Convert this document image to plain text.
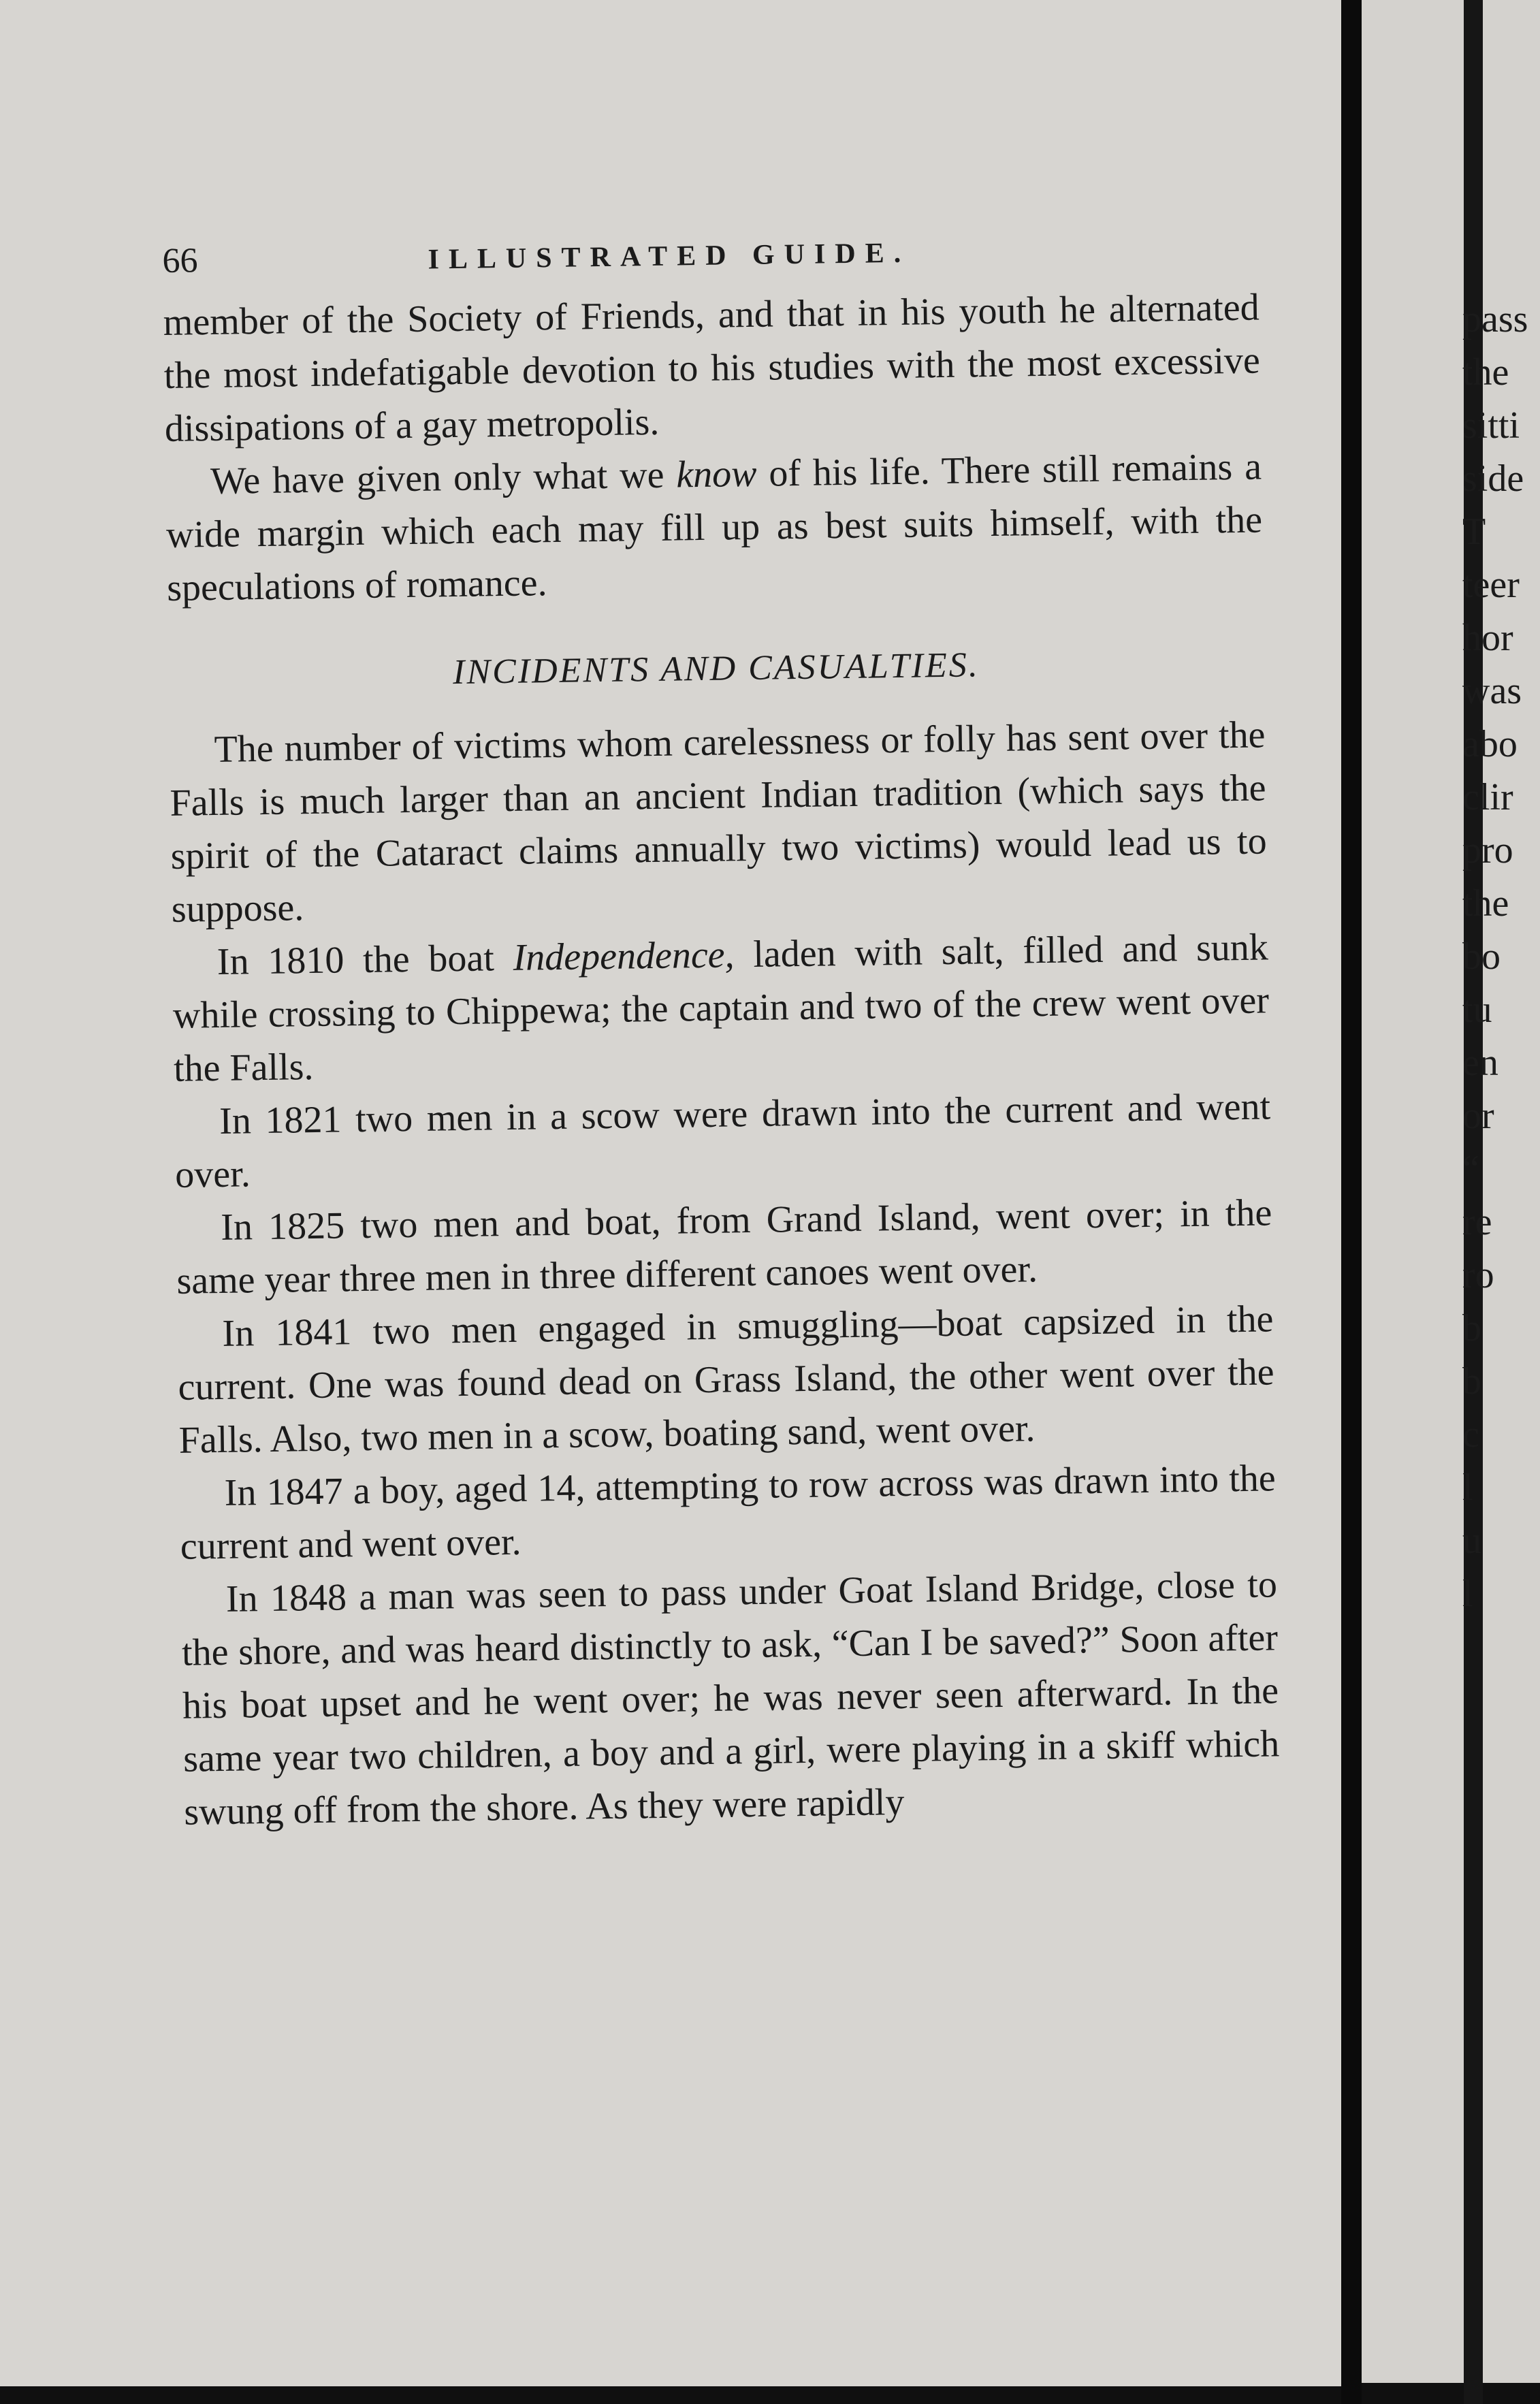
66	ILLUSTRATED GUIDE.

member of the Society of Friends, and that in his youth he alternated the most indefatigable devotion to his studies with the most excessive dissipations of a gay metropolis.

We have given only what we know of his life. There still remains a wide margin which each may fill up as best suits himself, with the speculations of romance.

INCIDENTS AND CASUALTIES.

The number of victims whom carelessness or folly has sent over the Falls is much larger than an ancient Indian tradition (which says the spirit of the Cataract claims annually two victims) would lead us to suppose.

In 1810 the boat Independence, laden with salt, filled and sunk while crossing to Chippewa; the captain and two of the crew went over the Falls.

In 1821 two men in a scow were drawn into the current and went over.

In 1825 two men and boat, from Grand Island, went over; in the same year three men in three different canoes went over.

In 1841 two men engaged in smuggling—boat capsized in the current. One was found dead on Grass Island, the other went over the Falls. Also, two men in a scow, boating sand, went over.

In 1847 a boy, aged 14, attempting to row across was drawn into the current and went over.

In 1848 a man was seen to pass under Goat Island Bridge, close to the shore, and was heard distinctly to ask, “Can I be saved?” Soon after his boat upset and he went over; he was never seen afterward. In the same year two children, a boy and a girl, were playing in a skiff which swung off from the shore. As they were rapidly

pass
the
sitti
side
T
teer
hor
was
abo
clir
pro
the
bo
tu
en
or
“
re
ro
b
b
c
l
u
l
